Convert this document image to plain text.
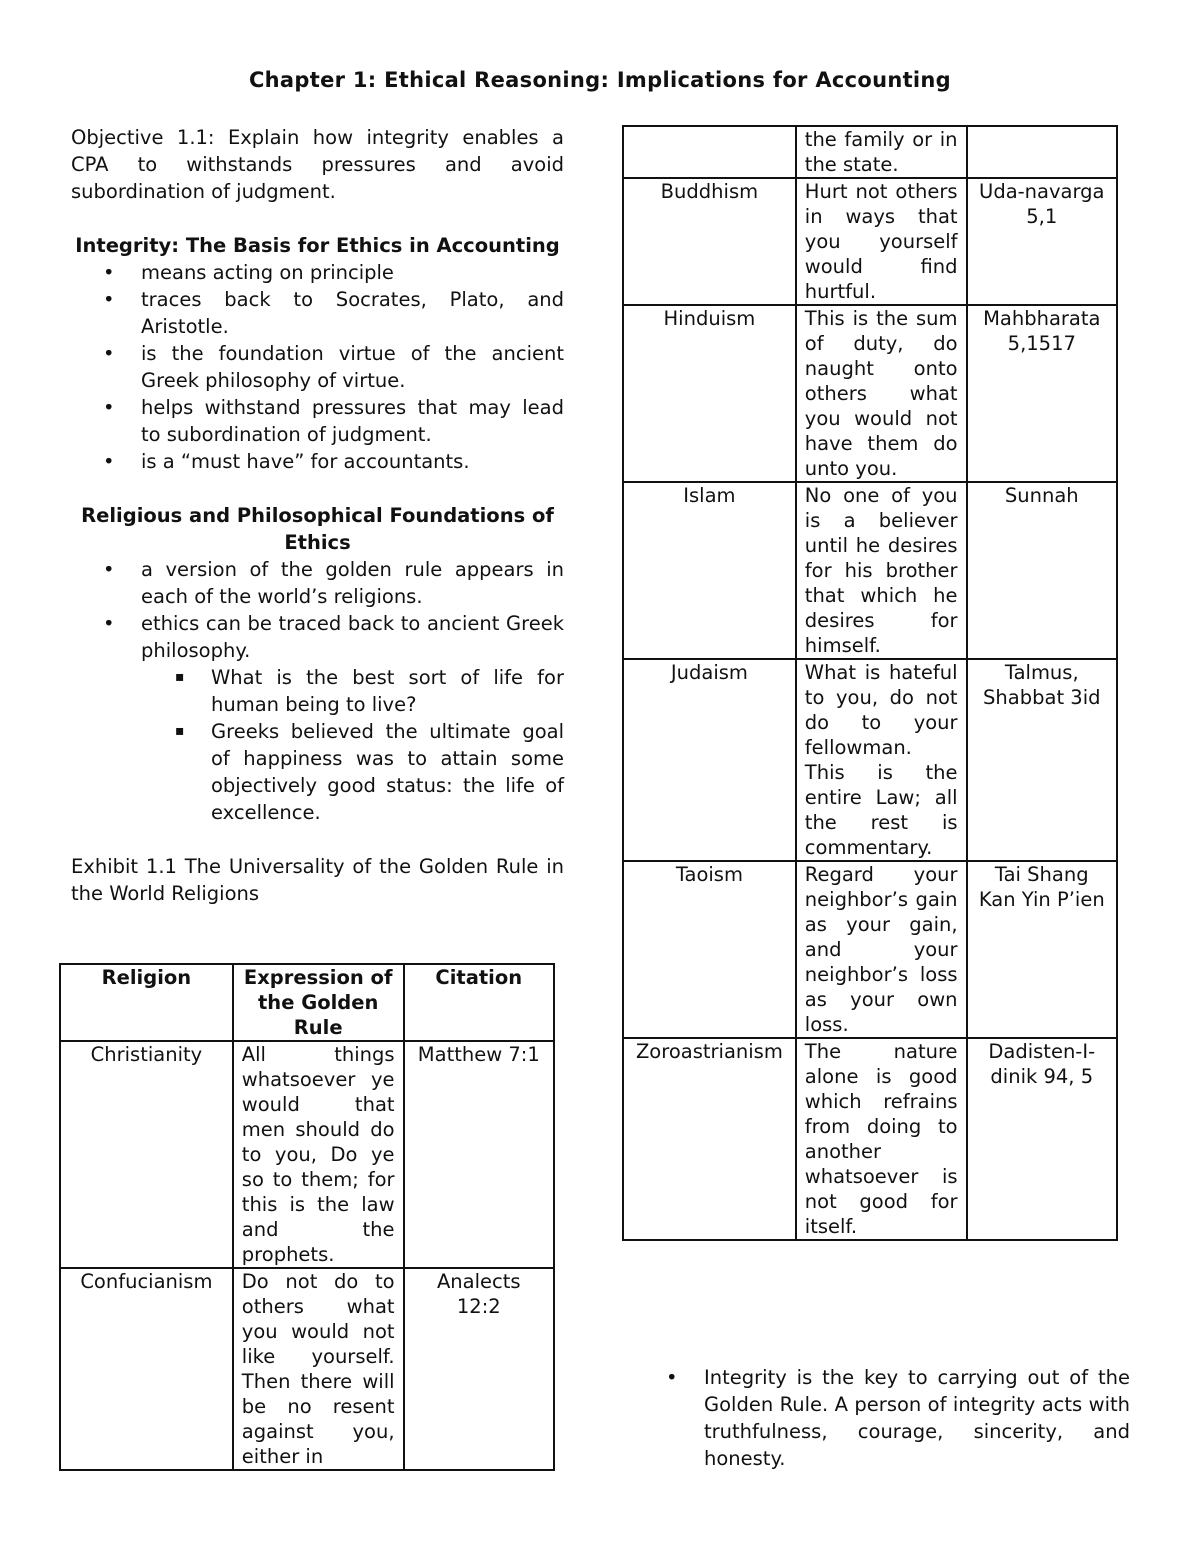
Chapter 1: Ethical Reasoning: Implications for Accounting

Objective 1.1: Explain how integrity enables a CPA to withstands pressures and avoid subordination of judgment.

Integrity: The Basis for Ethics in Accounting

• means acting on principle
• traces back to Socrates, Plato, and Aristotle.
• is the foundation virtue of the ancient Greek philosophy of virtue.
• helps withstand pressures that may lead to subordination of judgment.
• is a “must have” for accountants.

Religious and Philosophical Foundations of Ethics

• a version of the golden rule appears in each of the world’s religions.
• ethics can be traced back to ancient Greek philosophy.
▪ What is the best sort of life for human being to live?
▪ Greeks believed the ultimate goal of happiness was to attain some objectively good status: the life of excellence.

Exhibit 1.1 The Universality of the Golden Rule in the World Religions

Religion	Expression of the Golden Rule	Citation
Christianity	All things whatsoever ye would that men should do to you, Do ye so to them; for this is the law and the prophets.	Matthew 7:1
Confucianism	Do not do to others what you would not like yourself. Then there will be no resent against you, either in	Analects 12:2
	the family or in the state.	
Buddhism	Hurt not others in ways that you yourself would find hurtful.	Uda-navarga 5,1
Hinduism	This is the sum of duty, do naught onto others what you would not have them do unto you.	Mahbharata 5,1517
Islam	No one of you is a believer until he desires for his brother that which he desires for himself.	Sunnah
Judaism	What is hateful to you, do not do to your fellowman. This is the entire Law; all the rest is commentary.	Talmus, Shabbat 3id
Taoism	Regard your neighbor’s gain as your gain, and your neighbor’s loss as your own loss.	Tai Shang Kan Yin P’ien
Zoroastrianism	The nature alone is good which refrains from doing to another whatsoever is not good for itself.	Dadisten-I-dinik 94, 5
• Integrity is the key to carrying out of the Golden Rule. A person of integrity acts with truthfulness, courage, sincerity, and honesty.
